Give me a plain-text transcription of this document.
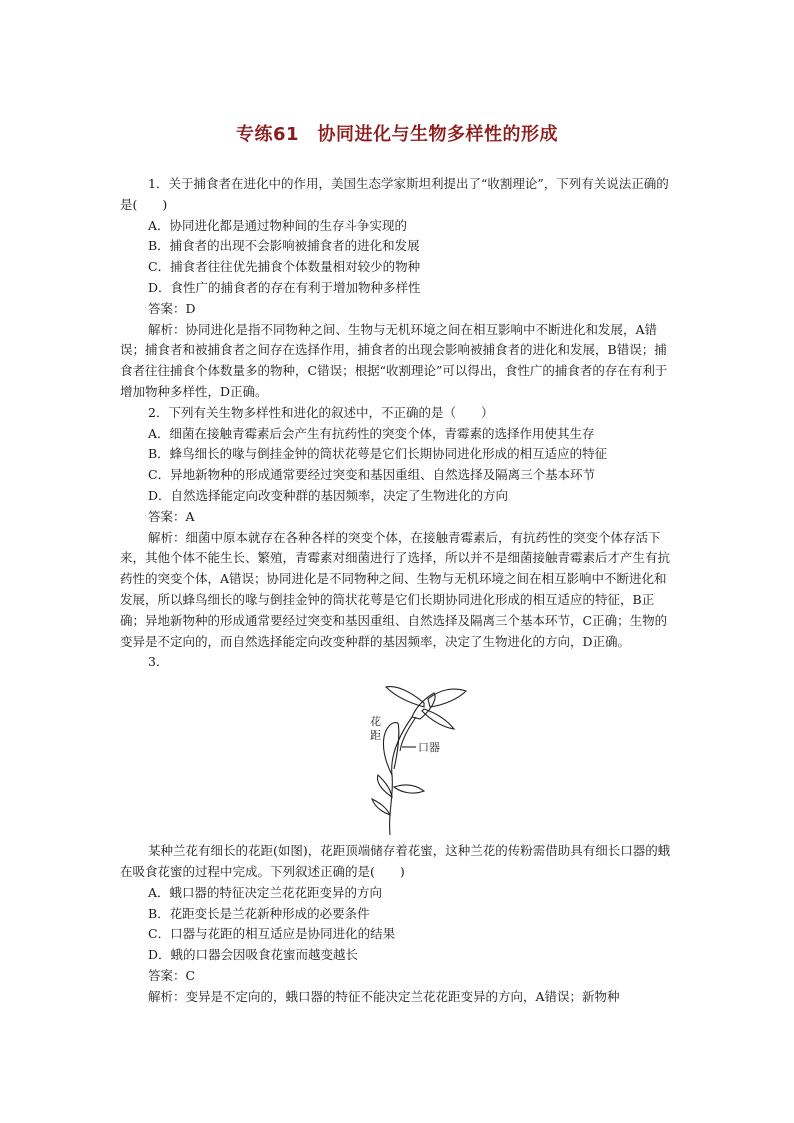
专练61　协同进化与生物多样性的形成

1．关于捕食者在进化中的作用，美国生态学家斯坦利提出了“收割理论”，下列有关说法正确的是(　　)

A．协同进化都是通过物种间的生存斗争实现的

B．捕食者的出现不会影响被捕食者的进化和发展

C．捕食者往往优先捕食个体数量相对较少的物种

D．食性广的捕食者的存在有利于增加物种多样性

答案：D

解析：协同进化是指不同物种之间、生物与无机环境之间在相互影响中不断进化和发展，A错误；捕食者和被捕食者之间存在选择作用，捕食者的出现会影响被捕食者的进化和发展，B错误；捕食者往往捕食个体数量多的物种，C错误；根据“收割理论”可以得出，食性广的捕食者的存在有利于增加物种多样性，D正确。

2．下列有关生物多样性和进化的叙述中，不正确的是（　　）

A．细菌在接触青霉素后会产生有抗药性的突变个体，青霉素的选择作用使其生存

B．蜂鸟细长的喙与倒挂金钟的筒状花萼是它们长期协同进化形成的相互适应的特征

C．异地新物种的形成通常要经过突变和基因重组、自然选择及隔离三个基本环节

D．自然选择能定向改变种群的基因频率，决定了生物进化的方向

答案：A

解析：细菌中原本就存在各种各样的突变个体，在接触青霉素后，有抗药性的突变个体存活下来，其他个体不能生长、繁殖，青霉素对细菌进行了选择，所以并不是细菌接触青霉素后才产生有抗药性的突变个体，A错误；协同进化是不同物种之间、生物与无机环境之间在相互影响中不断进化和发展，所以蜂鸟细长的喙与倒挂金钟的筒状花萼是它们长期协同进化形成的相互适应的特征，B正确；异地新物种的形成通常要经过突变和基因重组、自然选择及隔离三个基本环节，C正确；生物的变异是不定向的，而自然选择能定向改变种群的基因频率，决定了生物进化的方向，D正确。

3．

花
距
口器

某种兰花有细长的花距(如图)，花距顶端储存着花蜜，这种兰花的传粉需借助具有细长口器的蛾在吸食花蜜的过程中完成。下列叙述正确的是(　　)

A．蛾口器的特征决定兰花花距变异的方向

B．花距变长是兰花新种形成的必要条件

C．口器与花距的相互适应是协同进化的结果

D．蛾的口器会因吸食花蜜而越变越长

答案：C

解析：变异是不定向的，蛾口器的特征不能决定兰花花距变异的方向，A错误；新物种
